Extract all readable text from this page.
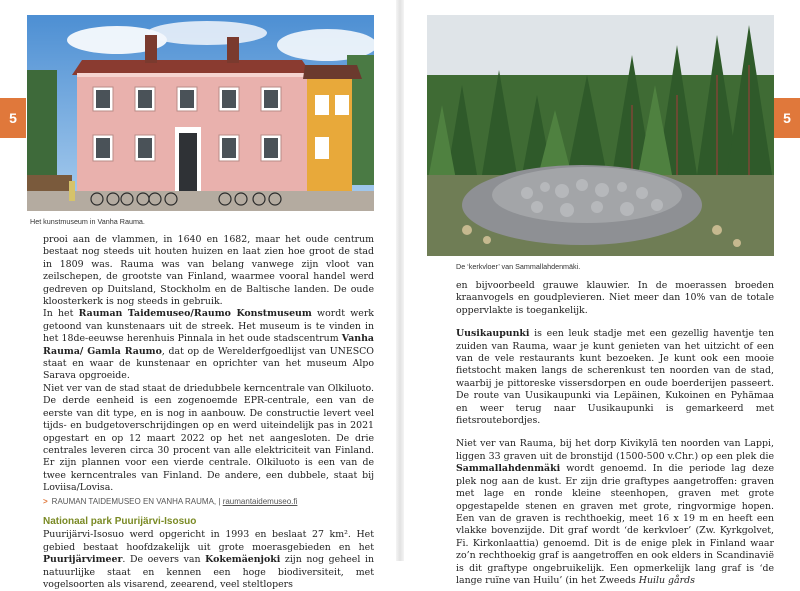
5	5
Het kunstmuseum in Vanha Rauma.
De ‘kerkvloer’ van Sammallahdenmäki.

prooi aan de vlammen, in 1640 en 1682, maar het oude centrum bestaat nog steeds uit houten huizen en laat zien hoe groot de stad in 1809 was. Rauma was van belang vanwege zijn vloot van zeilschepen, de grootste van Finland, waarmee vooral handel werd gedreven op Duitsland, Stockholm en de Baltische landen. De oude kloosterkerk is nog steeds in gebruik.

In het Rauman Taidemuseo/Raumo Konstmuseum wordt werk getoond van kunstenaars uit de streek. Het museum is te vinden in het 18de-eeuwse herenhuis Pinnala in het oude stadscentrum Vanha Rauma/ Gamla Raumo, dat op de Werelderfgoedlijst van UNESCO staat en waar de kunstenaar en oprichter van het museum Alpo Sarava opgroeide.

Niet ver van de stad staat de driedubbele kerncentrale van Olkiluoto. De derde eenheid is een zogenoemde EPR-centrale, een van de eerste van dit type, en is nog in aanbouw. De constructie levert veel tijds- en budgetoverschrijdingen op en werd uiteindelijk pas in 2021 opgestart en op 12 maart 2022 op het net aangesloten. De drie centrales leveren circa 30 procent van alle elektriciteit van Finland. Er zijn plannen voor een vierde centrale. Olkiluoto is een van de twee kerncentrales van Finland. De andere, een dubbele, staat bij Loviisa/Lovisa.

> RAUMAN TAIDEMUSEO EN VANHA RAUMA, | raumantaidemuseo.fi
Nationaal park Puurijärvi-Isosuo

Puurijärvi-Isosuo werd opgericht in 1993 en beslaat 27 km². Het gebied bestaat hoofdzakelijk uit grote moerasgebieden en het Puurijärvimeer. De oevers van Kokemäenjoki zijn nog geheel in natuurlijke staat en kennen een hoge biodiversiteit, met vogelsoorten als visarend, zeearend, veel steltlopers

en bijvoorbeeld grauwe klauwier. In de moerassen broeden kraanvogels en goudplevieren. Niet meer dan 10% van de totale oppervlakte is toegankelijk.

Uusikaupunki is een leuk stadje met een gezellig haventje ten zuiden van Rauma, waar je kunt genieten van het uitzicht of een van de vele restaurants kunt bezoeken. Je kunt ook een mooie fietstocht maken langs de scherenkust ten noorden van de stad, waarbij je pittoreske vissersdorpen en oude boerderijen passeert. De route van Uusikaupunki via Lepäinen, Kukoinen en Pyhämaa en weer terug naar Uusikaupunki is gemarkeerd met fietsroutebordjes.

Niet ver van Rauma, bij het dorp Kivikylä ten noorden van Lappi, liggen 33 graven uit de bronstijd (1500-500 v.Chr.) op een plek die Sammallahdenmäki wordt genoemd. In die periode lag deze plek nog aan de kust. Er zijn drie graftypes aangetroffen: graven met lage en ronde kleine steenhopen, graven met grote opgestapelde stenen en graven met grote, ringvormige hopen. Een van de graven is rechthoekig, meet 16 x 19 m en heeft een vlakke bovenzijde. Dit graf wordt ‘de kerkvloer’ (Zw. Kyrkgolvet, Fi. Kirkonlaattia) genoemd. Dit is de enige plek in Finland waar zo’n rechthoekig graf is aangetroffen en ook elders in Scandinavië is dit graftype ongebruikelijk. Een opmerkelijk lang graf is ‘de lange ruïne van Huilu’ (in het Zweeds Huilu gårds
